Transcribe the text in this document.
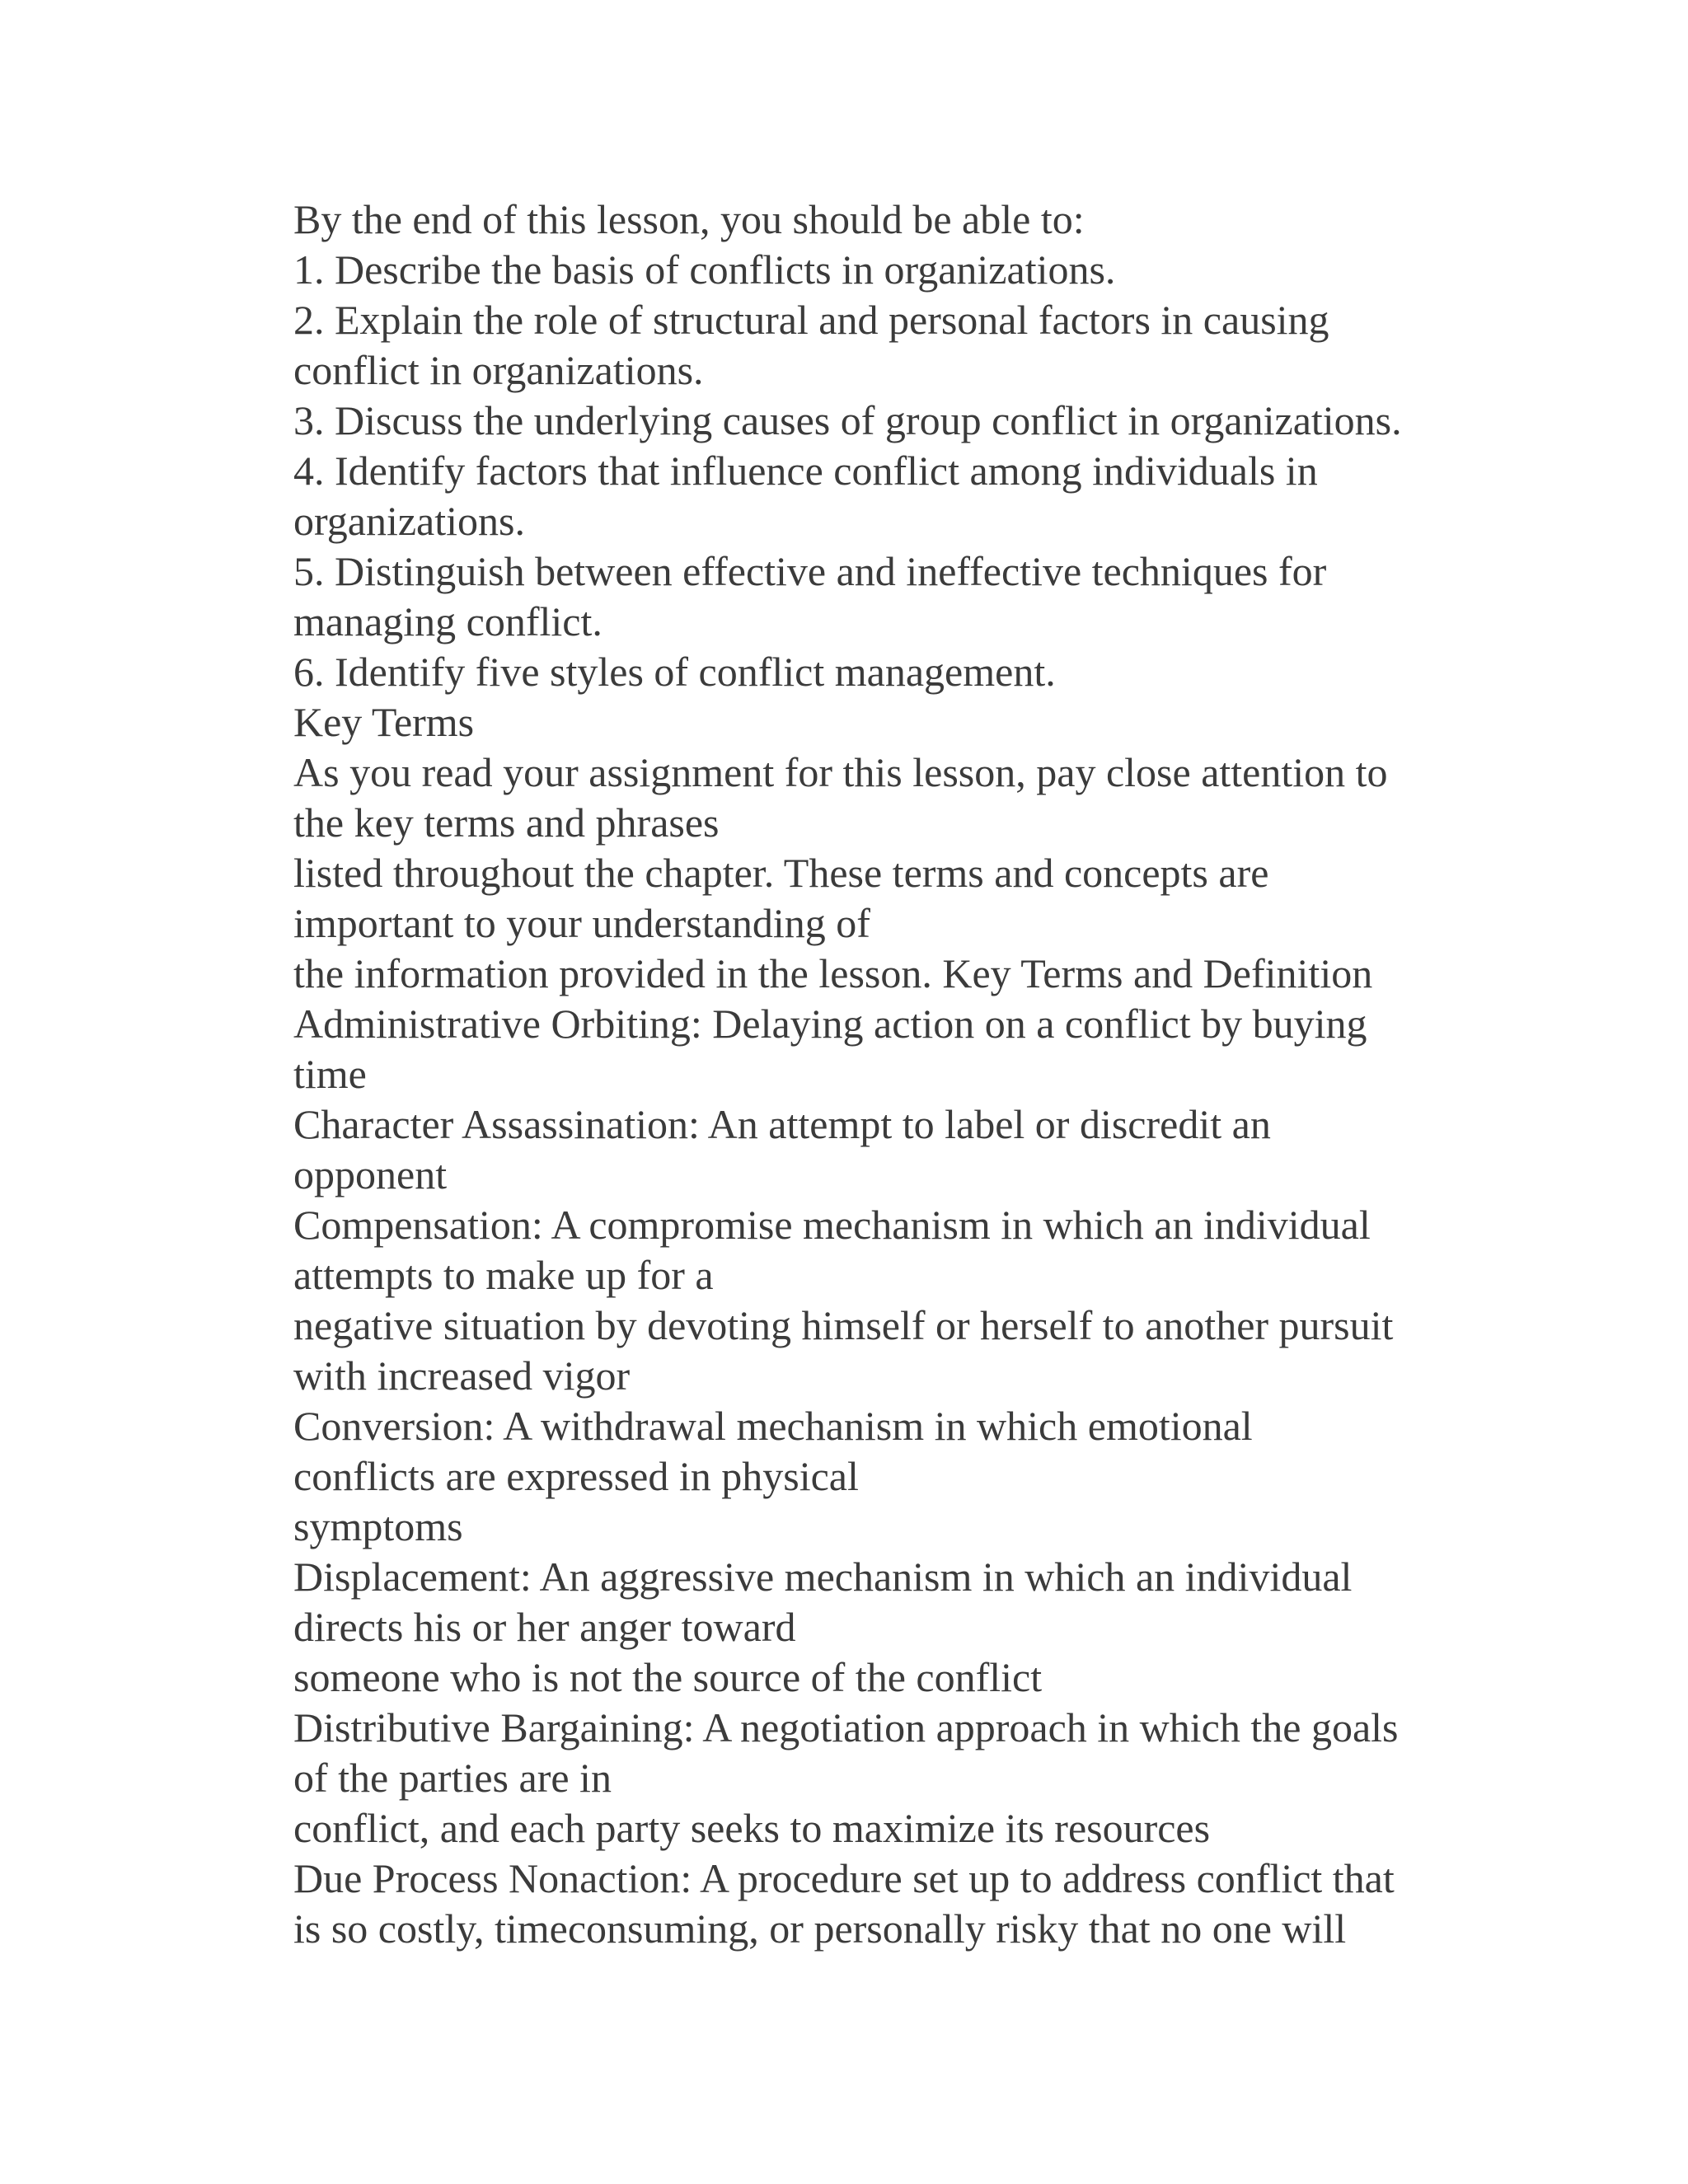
By the end of this lesson, you should be able to:
1. Describe the basis of conflicts in organizations.
2. Explain the role of structural and personal factors in causing
conflict in organizations.
3. Discuss the underlying causes of group conflict in organizations.
4. Identify factors that influence conflict among individuals in
organizations.
5. Distinguish between effective and ineffective techniques for
managing conflict.
6. Identify five styles of conflict management.
Key Terms
As you read your assignment for this lesson, pay close attention to
the key terms and phrases
listed throughout the chapter. These terms and concepts are
important to your understanding of
the information provided in the lesson. Key Terms and Definition
Administrative Orbiting: Delaying action on a conflict by buying
time
Character Assassination: An attempt to label or discredit an
opponent
Compensation: A compromise mechanism in which an individual
attempts to make up for a
negative situation by devoting himself or herself to another pursuit
with increased vigor
Conversion: A withdrawal mechanism in which emotional
conflicts are expressed in physical
symptoms
Displacement: An aggressive mechanism in which an individual
directs his or her anger toward
someone who is not the source of the conflict
Distributive Bargaining: A negotiation approach in which the goals
of the parties are in
conflict, and each party seeks to maximize its resources
Due Process Nonaction: A procedure set up to address conflict that
is so costly, timeconsuming, or personally risky that no one will
